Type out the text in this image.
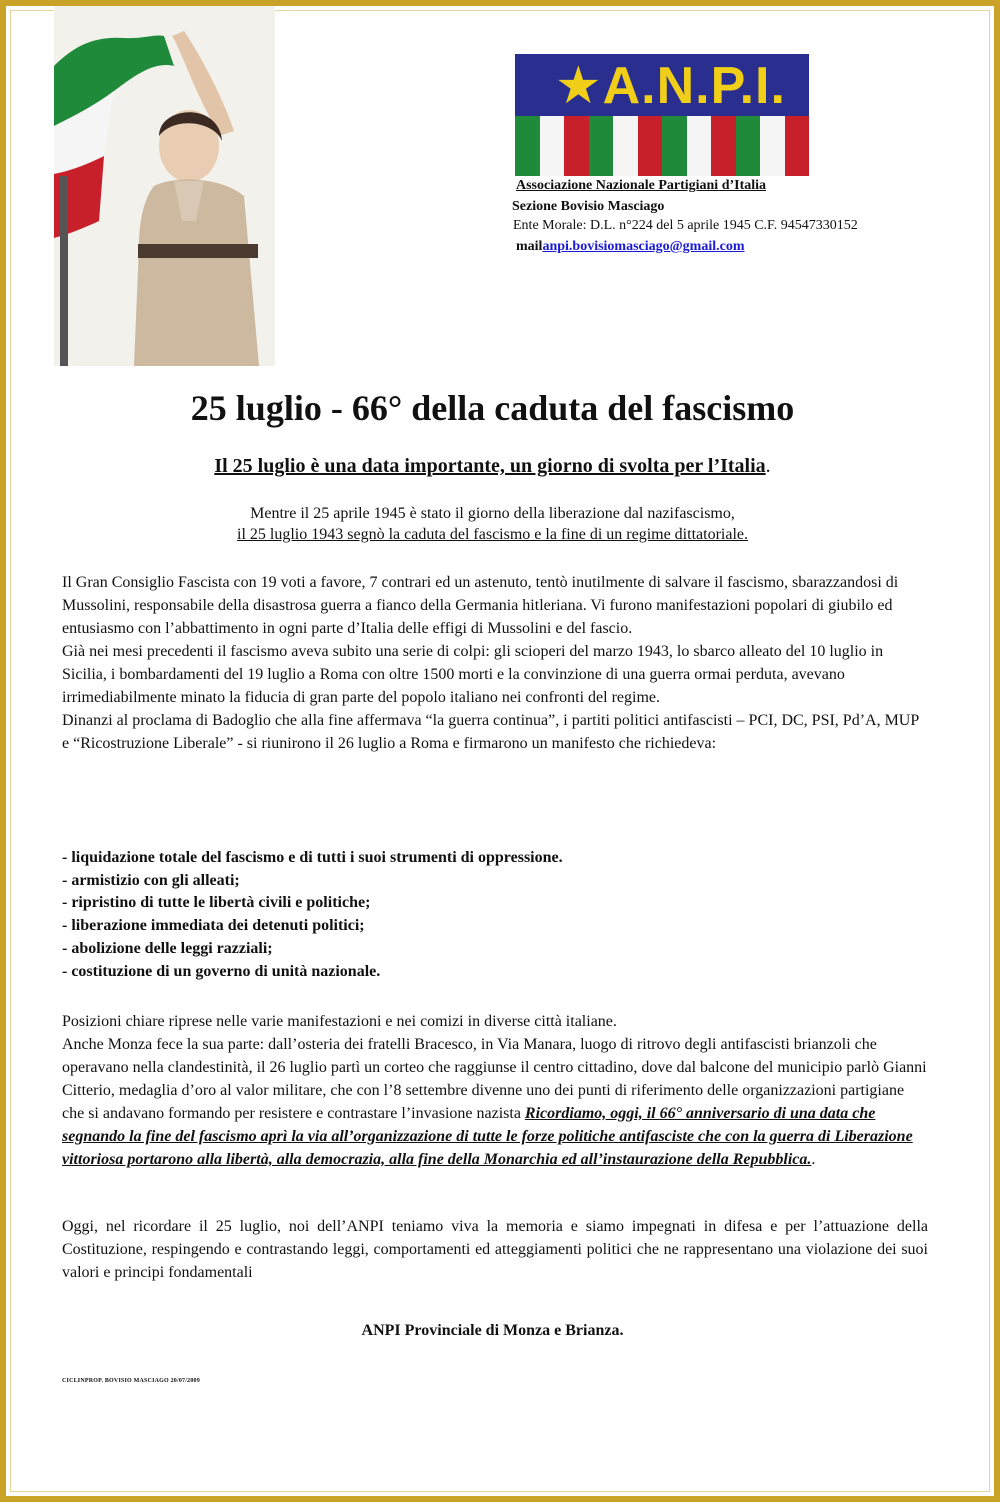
★A.N.P.I.
Associazione Nazionale Partigiani d’Italia
Sezione Bovisio Masciago
Ente Morale: D.L. n°224 del 5 aprile 1945 C.F. 94547330152
mailanpi.bovisiomasciago@gmail.com
25 luglio - 66° della caduta del fascismo
Il 25 luglio è una data importante, un giorno di svolta per l’Italia.
Mentre il 25 aprile 1945 è stato il giorno della liberazione dal nazifascismo,
il 25 luglio 1943 segnò la caduta del fascismo e la fine di un regime dittatoriale.

Il Gran Consiglio Fascista con 19 voti a favore, 7 contrari ed un astenuto, tentò inutilmente di salvare il fascismo, sbarazzandosi di Mussolini, responsabile della disastrosa guerra a fianco della Germania hitleriana. Vi furono manifestazioni popolari di giubilo ed entusiasmo con l’abbattimento in ogni parte d’Italia delle effigi di Mussolini e del fascio.

Già nei mesi precedenti il fascismo aveva subito una serie di colpi: gli scioperi del marzo 1943, lo sbarco alleato del 10 luglio in Sicilia, i bombardamenti del 19 luglio a Roma con oltre 1500 morti e la convinzione di una guerra ormai perduta, avevano irrimediabilmente minato la fiducia di gran parte del popolo italiano nei confronti del regime.

Dinanzi al proclama di Badoglio che alla fine affermava “la guerra continua”, i partiti politici antifascisti – PCI, DC, PSI, Pd’A, MUP e “Ricostruzione Liberale” - si riunirono il 26 luglio a Roma e firmarono un manifesto che richiedeva:

- liquidazione totale del fascismo e di tutti i suoi strumenti di oppressione.
- armistizio con gli alleati;
- ripristino di tutte le libertà civili e politiche;
- liberazione immediata dei detenuti politici;
- abolizione delle leggi razziali;
- costituzione di un governo di unità nazionale.

Posizioni chiare riprese nelle varie manifestazioni e nei comizi in diverse città italiane.

Anche Monza fece la sua parte: dall’osteria dei fratelli Bracesco, in Via Manara, luogo di ritrovo degli antifascisti brianzoli che operavano nella clandestinità, il 26 luglio partì un corteo che raggiunse il centro cittadino, dove dal balcone del municipio parlò Gianni Citterio, medaglia d’oro al valor militare, che con l’8 settembre divenne uno dei punti di riferimento delle organizzazioni partigiane che si andavano formando per resistere e contrastare l’invasione nazista Ricordiamo, oggi, il 66° anniversario di una data che segnando la fine del fascismo aprì la via all’organizzazione di tutte le forze politiche antifasciste che con la guerra di Liberazione vittoriosa portarono alla libertà, alla democrazia, alla fine della Monarchia ed all’instaurazione della Repubblica..

Oggi, nel ricordare il 25 luglio, noi dell’ANPI teniamo viva la memoria e siamo impegnati in difesa e per l’attuazione della Costituzione, respingendo e contrastando leggi, comportamenti ed atteggiamenti politici che ne rappresentano una violazione dei suoi valori e principi fondamentali
ANPI Provinciale di Monza e Brianza.
CICLINPROP. BOVISIO MASCIAGO 20/07/2009
